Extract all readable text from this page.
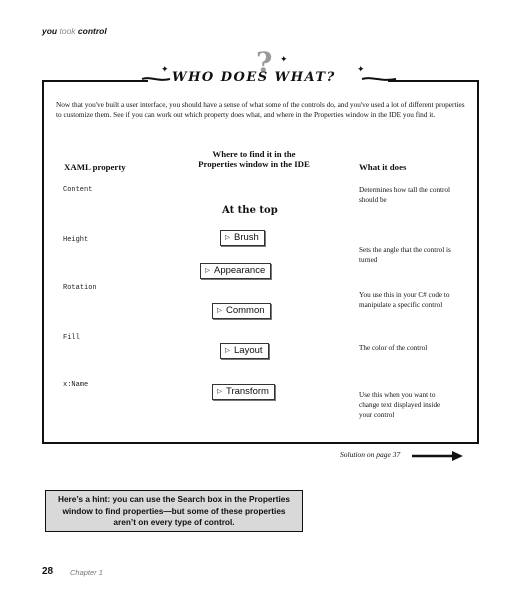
you took control
✦	✦
✦
?
WHO DOES WHAT?
Now that you've built a user interface, you should have a sense of what some of the controls do, and you've used a lot of different properties to customize them. See if you can work out which property does what, and where in the Properties window in the IDE you find it.
XAML property
Where to find it in the Properties window in the IDE	What it does
At the top
Content
Height
Rotation
Fill
x:Name
▷ Brush
▷ Appearance
▷ Common
▷ Layout
▷ Transform
Determines how tall the control should be
Sets the angle that the control is turned
You use this in your C# code to manipulate a specific control
The color of the control
Use this when you want to change text displayed inside your control
Solution on page 37
Here’s a hint: you can use the Search box in the Properties window to find properties—but some of these properties aren’t on every type of control.
28 Chapter 1
